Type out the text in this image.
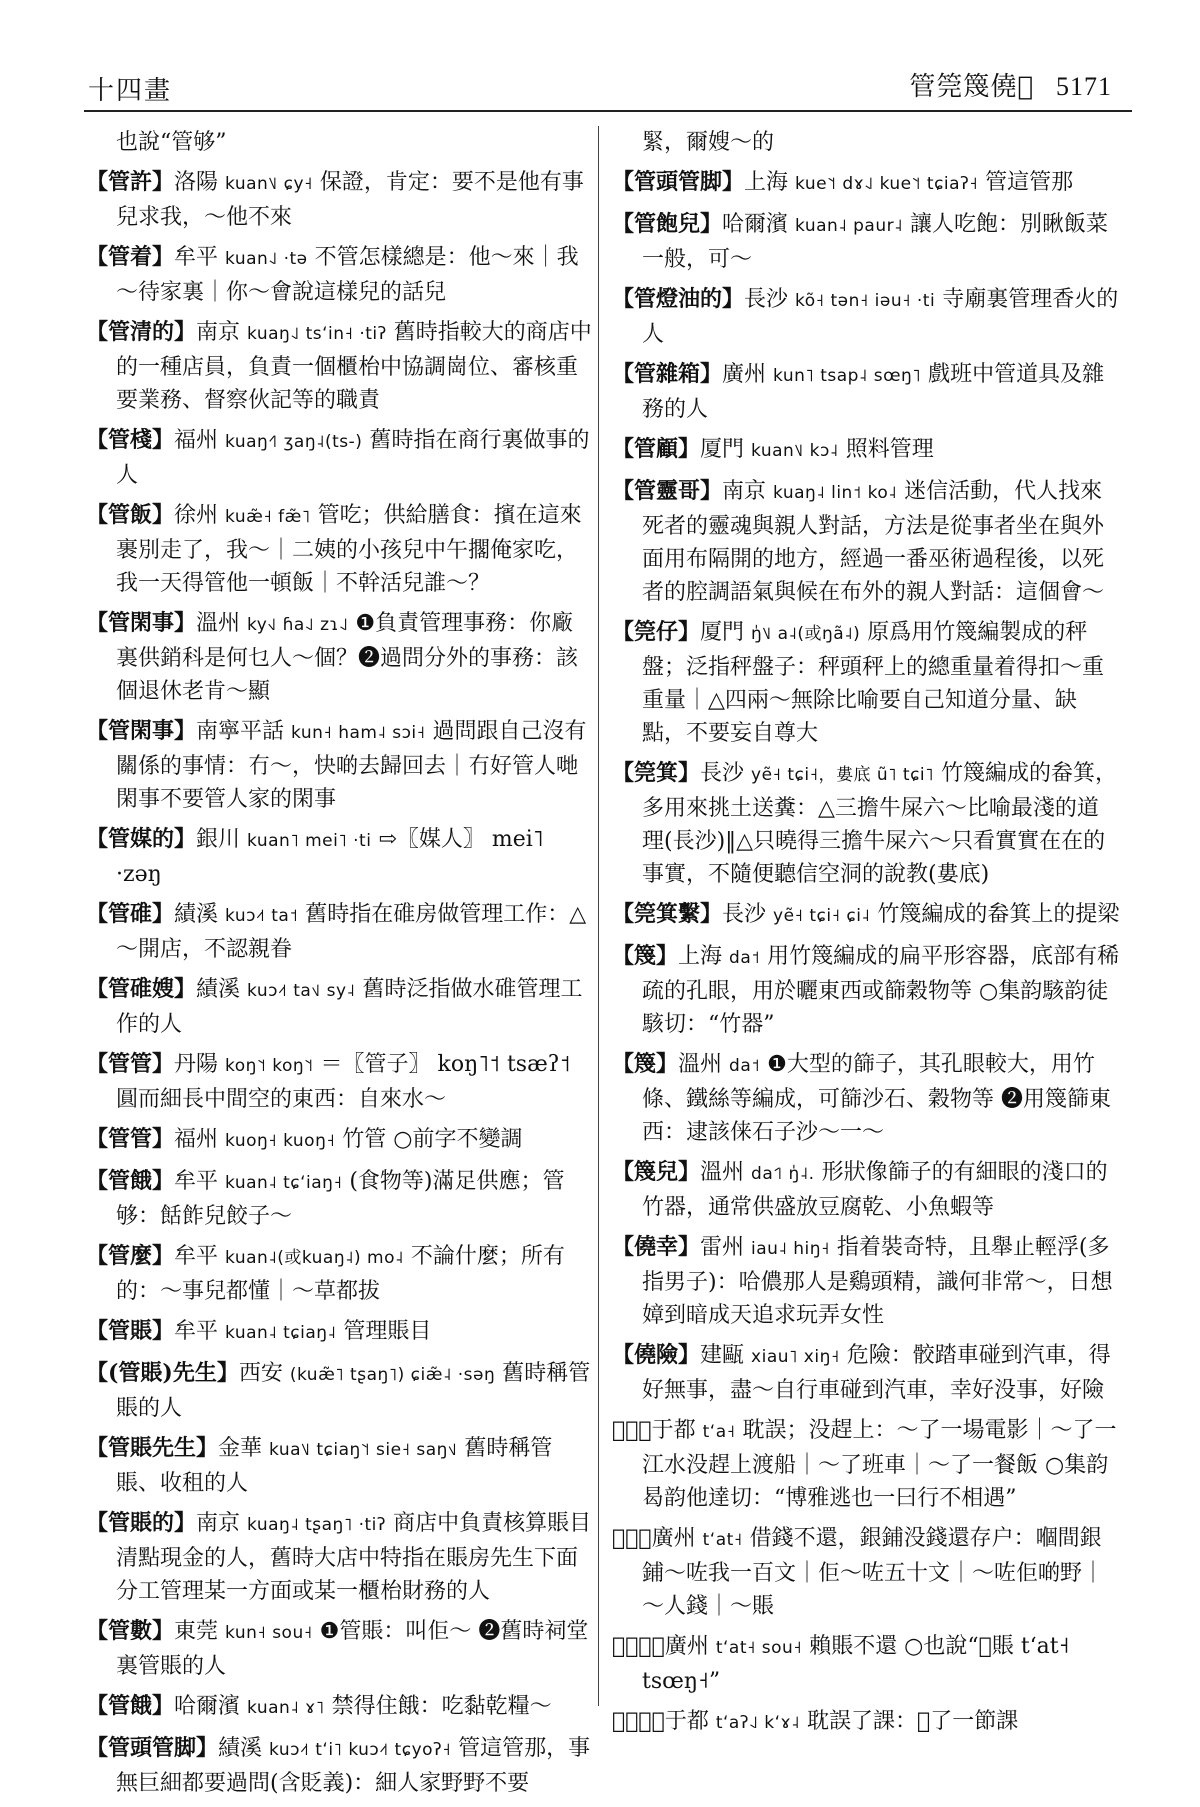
十四畫	管筦篾僥𠍋 5171
也說“管够”
【管許】洛陽 kuan˥˩ ɕy˧ 保證，肯定：要不是他有事兒求我，～他不來
【管着】牟平 kuan˨˩ ·tə 不管怎樣總是：他～來｜我～待家裏｜你～會說這樣兒的話兒
【管清的】南京 kuaŋ˨˩ tsʻin˧ ·tiʔ 舊時指較大的商店中的一種店員，負責一個櫃枱中協調崗位、審核重要業務、督察伙記等的職責
【管棧】福州 kuaŋ˧˥ ʒaŋ˨(ts-) 舊時指在商行裏做事的人
【管飯】徐州 kuæ̃˧ fæ̃˥ 管吃；供給膳食：擯在這來裹別走了，我～｜二姨的小孩兒中午擱俺家吃，我一天得管他一頓飯｜不幹活兒誰～？
【管閑事】溫州 ky˧˩ ɦa˨˩ zɿ˨˩ ❶負責管理事務：你廠裏供銷科是何乜人～個？❷過問分外的事務：該個退休老肯～顯
【管閑事】南寧平話 kun˧ ham˨ sɔi˧ 過問跟自己沒有關係的事情：冇～，快啲去歸回去｜冇好管人哋閑事不要管人家的閑事
【管媒的】銀川 kuan˥ mei˥ ·ti ⇨〖媒人〗 mei˥ ·zəŋ
【管碓】績溪 kuɔ˨˦ ta˦ 舊時指在碓房做管理工作：△～開店，不認親眷
【管碓嫂】績溪 kuɔ˨˦ ta˦˩ sy˨ 舊時泛指做水碓管理工作的人
【管管】丹陽 koŋ˥˦ koŋ˥˦ ＝〖管子〗 koŋ˥˦ tsæʔ˦ 圓而細長中間空的東西：自來水～
【管管】福州 kuoŋ˧ kuoŋ˧ 竹管 ○前字不變調
【管餓】牟平 kuan˨ tɕʻiaŋ˧ (食物等)滿足供應；管够：餂飵兒餃子～
【管麼】牟平 kuan˨(或kuaŋ˨) mo˨ 不論什麼；所有的：～事兒都懂｜～草都拔
【管賬】牟平 kuan˨ tɕiaŋ˨ 管理賬目
【(管賬)先生】西安 (kuæ̃˥ tʂaŋ˥) ɕiæ̃˨ ·səŋ 舊時稱管賬的人
【管賬先生】金華 kua˥˩ tɕiaŋ˥˦ sie˧ saŋ˦˩ 舊時稱管賬、收租的人
【管賬的】南京 kuaŋ˨ tʂaŋ˥ ·tiʔ 商店中負責核算賬目清點現金的人，舊時大店中特指在賬房先生下面分工管理某一方面或某一櫃枱財務的人
【管數】東莞 kun˧ sou˧ ❶管賬：叫佢～ ❷舊時祠堂裏管賬的人
【管餓】哈爾濱 kuan˨ ɤ˥ 禁得住餓：吃黏乾糧～
【管頭管脚】績溪 kuɔ˨˦ tʻi˥ kuɔ˨˦ tɕyoʔ˧ 管這管那，事無巨細都要過問(含貶義)：細人家野野不要
緊，爾嫂～的
【管頭管脚】上海 kue˥˦ dɤ˨˩ kue˥˦ tɕiaʔ˧ 管這管那
【管飽兒】哈爾濱 kuan˨ paur˨ 讓人吃飽：別瞅飯菜一般，可～
【管燈油的】長沙 kõ˧ tən˧ iəu˧ ·ti 寺廟裏管理香火的人
【管雜箱】廣州 kun˥ tsap˨ sœŋ˥ 戲班中管道具及雜務的人
【管顧】厦門 kuan˥˩ kɔ˨ 照料管理
【管靈哥】南京 kuaŋ˨ lin˦ ko˨ 迷信活動，代人找來死者的靈魂與親人對話，方法是從事者坐在與外面用布隔開的地方，經過一番巫術過程後，以死者的腔調語氣與候在布外的親人對話：這個會～
【筦仔】厦門 ŋ̍˥˩ a˨(或ŋã˨) 原爲用竹篾編製成的秤盤；泛指秤盤子：秤頭秤上的總重量着得扣～重重量｜△四兩～無除比喻要自己知道分量、缺點，不要妄自尊大
【筦箕】長沙 yẽ˧ tɕi˧，婁底 ũ˥ tɕi˥ 竹篾編成的畚箕，多用來挑土送糞：△三擔牛屎六～比喻最淺的道理(長沙)‖△只曉得三擔牛屎六～只看實實在在的事實，不隨便聽信空洞的說教(婁底)
【筦箕繫】長沙 yẽ˧ tɕi˧ ɕi˨ 竹篾編成的畚箕上的提梁
【篾】上海 da˦ 用竹篾編成的扁平形容器，底部有稀疏的孔眼，用於曬東西或篩穀物等 ○集韵駭韵徒駭切：“竹器”
【篾】溫州 da˦ ❶大型的篩子，其孔眼較大，用竹條、鐵絲等編成，可篩沙石、穀物等 ❷用篾篩東西：逮該俫石子沙～一～
【篾兒】溫州 da˦˥ ŋ̍˨. 形狀像篩子的有細眼的淺口的竹器，通常供盛放豆腐乾、小魚蝦等
【僥幸】雷州 iau˨ hiŋ˧ 指着裝奇特，且舉止輕浮(多指男子)：哈儂那人是鷄頭精，識何非常～，日想嫜到暗成天追求玩弄女性
【僥險】建甌 xiau˥ xiŋ˧ 危險：骹踏車碰到汽車，得好無事，盡～自行車碰到汽車，幸好没事，好險
【𠍋】于都 tʻa˧ 耽誤；没趕上：～了一場電影｜～了一江水没趕上渡船｜～了班車｜～了一餐飯 ○集韵曷韵他達切：“博雅逃也一曰行不相遇”
【𠍋】廣州 tʻat˧ 借錢不還，銀鋪没錢還存户：嗰間銀鋪～咗我一百文｜佢～咗五十文｜～咗佢啲野｜～人錢｜～賬
【𠍋數】廣州 tʻat˧ sou˧ 賴賬不還 ○也說“𠍋賬 tʻat˧ tsœŋ˧”
【𠍋課】于都 tʻaʔ˨˩ kʻɤ˨ 耽誤了課：𠍋了一節課
